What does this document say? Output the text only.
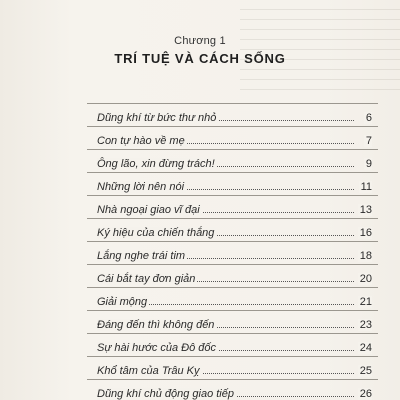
Chương 1
TRÍ TUỆ VÀ CÁCH SỐNG
Dũng khí từ bức thư nhỏ	6
Con tự hào về mẹ	7
Ông lão, xin đừng trách!	9
Những lời nên nói	11
Nhà ngoại giao vĩ đại	13
Ký hiệu của chiến thắng	16
Lắng nghe trái tim	18
Cái bắt tay đơn giản	20
Giải mộng	21
Đáng đến thì không đến	23
Sự hài hước của Đô đốc	24
Khổ tâm của Trâu Kỵ	25
Dũng khí chủ động giao tiếp	26
